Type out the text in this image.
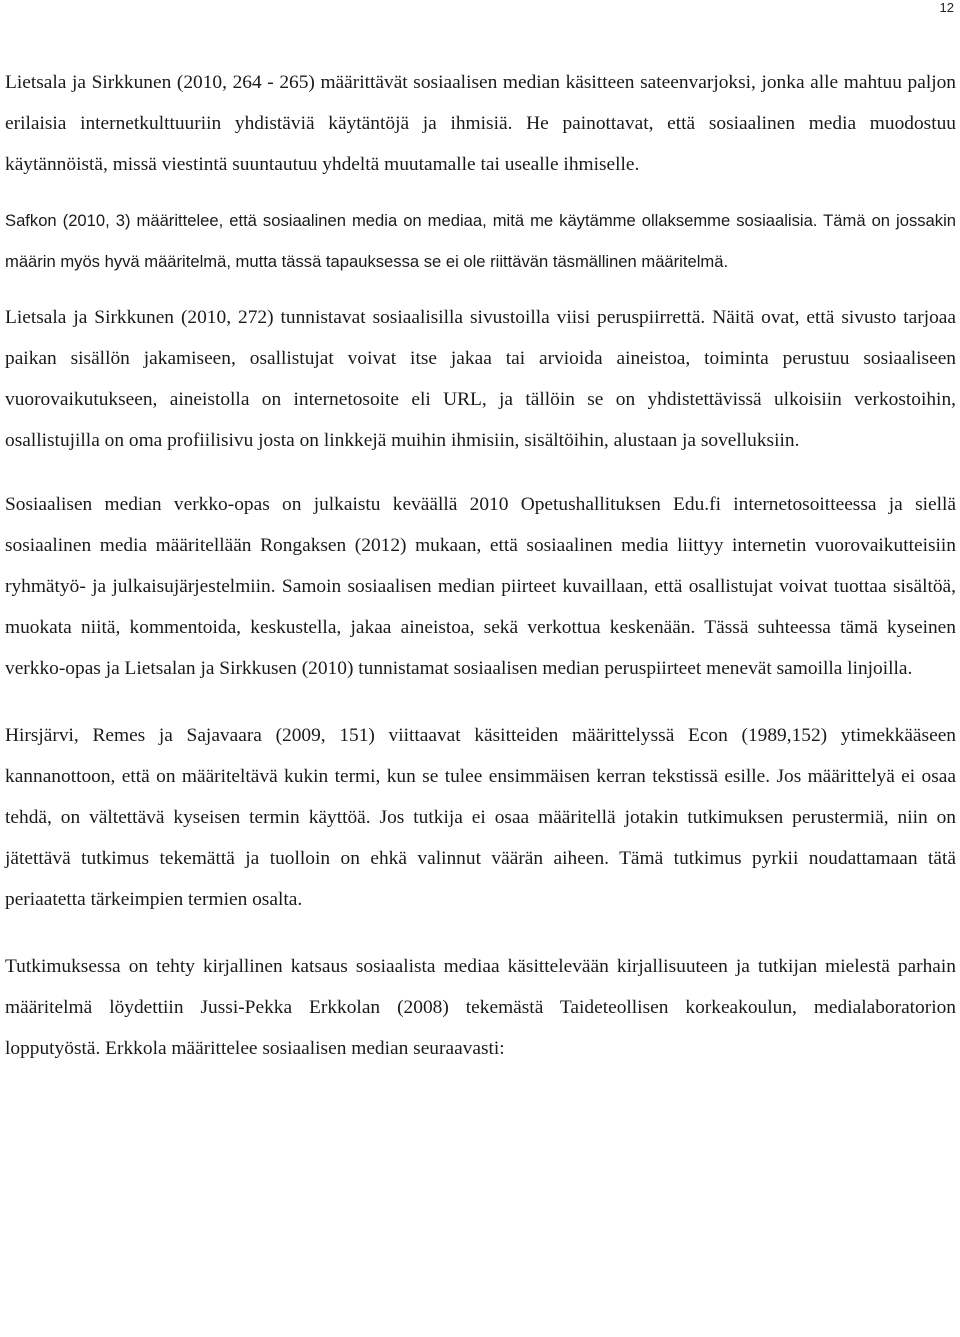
12

Lietsala ja Sirkkunen (2010, 264 - 265) määrittävät sosiaalisen median käsitteen sateenvarjoksi, jonka alle mahtuu paljon erilaisia internetkulttuuriin yhdistäviä käytäntöjä ja ihmisiä. He painottavat, että sosiaalinen media muodostuu käytännöistä, missä viestintä suuntautuu yhdeltä muutamalle tai usealle ihmiselle.

Safkon (2010, 3) määrittelee, että sosiaalinen media on mediaa, mitä me käytämme ollaksemme sosiaalisia. Tämä on jossakin määrin myös hyvä määritelmä, mutta tässä tapauksessa se ei ole riittävän täsmällinen määritelmä.

Lietsala ja Sirkkunen (2010, 272) tunnistavat sosiaalisilla sivustoilla viisi peruspiirrettä. Näitä ovat, että sivusto tarjoaa paikan sisällön jakamiseen, osallistujat voivat itse jakaa tai arvioida aineistoa, toiminta perustuu sosiaaliseen vuorovaikutukseen, aineistolla on internetosoite eli URL, ja tällöin se on yhdistettävissä ulkoisiin verkostoihin, osallistujilla on oma profiilisivu josta on linkkejä muihin ihmisiin, sisältöihin, alustaan ja sovelluksiin.

Sosiaalisen median verkko-opas on julkaistu keväällä 2010 Opetushallituksen Edu.fi internetosoitteessa ja siellä sosiaalinen media määritellään Rongaksen (2012) mukaan, että sosiaalinen media liittyy internetin vuorovaikutteisiin ryhmätyö- ja julkaisujärjestelmiin. Samoin sosiaalisen median piirteet kuvaillaan, että osallistujat voivat tuottaa sisältöä, muokata niitä, kommentoida, keskustella, jakaa aineistoa, sekä verkottua keskenään. Tässä suhteessa tämä kyseinen verkko-opas ja Lietsalan ja Sirkkusen (2010) tunnistamat sosiaalisen median peruspiirteet menevät samoilla linjoilla.

Hirsjärvi, Remes ja Sajavaara (2009, 151) viittaavat käsitteiden määrittelyssä Econ (1989,152) ytimekkääseen kannanottoon, että on määriteltävä kukin termi, kun se tulee ensimmäisen kerran tekstissä esille. Jos määrittelyä ei osaa tehdä, on vältettävä kyseisen termin käyttöä. Jos tutkija ei osaa määritellä jotakin tutkimuksen perustermiä, niin on jätettävä tutkimus tekemättä ja tuolloin on ehkä valinnut väärän aiheen. Tämä tutkimus pyrkii noudattamaan tätä periaatetta tärkeimpien termien osalta.

Tutkimuksessa on tehty kirjallinen katsaus sosiaalista mediaa käsittelevään kirjallisuuteen ja tutkijan mielestä parhain määritelmä löydettiin Jussi-Pekka Erkkolan (2008) tekemästä Taideteollisen korkeakoulun, medialaboratorion lopputyöstä. Erkkola määrittelee sosiaalisen median seuraavasti:
